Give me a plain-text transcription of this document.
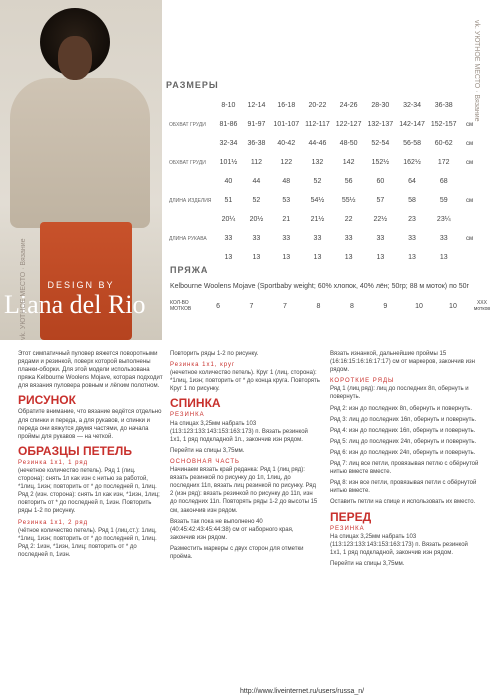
DESIGN BY
Liana del Rio
vk. УЮТНОЕ МЕСТО · Вязание
vk. УЮТНОЕ МЕСТО · Вязание
РАЗМЕРЫ
	8-10	12-14	16-18	20-22	24-26	28-30	32-34	36-38	
ОБХВАТ ГРУДИ	81-86	91-97	101-107	112-117	122-127	132-137	142-147	152-157	см
	32-34	36-38	40-42	44-46	48-50	52-54	56-58	60-62	см
ОБХВАТ ГРУДИ	101½	112	122	132	142	152½	162½	172	см
	40	44	48	52	56	60	64	68	
ДЛИНА ИЗДЕЛИЯ	51	52	53	54½	55½	57	58	59	см
	20¼	20½	21	21½	22	22½	23	23¼	
ДЛИНА РУКАВА	33	33	33	33	33	33	33	33	см
	13	13	13	13	13	13	13	13	
ПРЯЖА
Kelbourne Woolens Mojave (Sportbaby weight; 60% хлопок, 40% лён; 50гр; 88 м моток) по 50г
КОЛ-ВО МОТКОВ	6	7	7	8	8	9	10	10	XXX мотков

Этот симпатичный пуловер вяжется поворотными рядами и резинкой, поверх которой выполнены планки-оборки. Для этой модели использована пряжа Kelbourne Woolens Mojave, которая подходит для вязания пуловера ровным и лёгким полотном.

РИСУНОК

Обратите внимание, что вязание ведётся отдельно для спинки и переда, а для рукавов, и спинки и переда они вяжутся двумя частями, до начала проймы для рукавов — на четкой.

ОБРАЗЦЫ ПЕТЕЛЬ
Резинка 1х1, 1 ряд

(нечетное количество петель). Ряд 1 (лиц. сторона): снять 1п как изн с нитью за работой, *1лиц, 1изн; повторить от * до последней п, 1лиц. Ряд 2 (изн. сторона): снять 1п как изн, *1изн, 1лиц; повторить от * до последней п, 1изн. Повторить ряды 1-2 по рисунку.

Резинка 1х1, 2 ряд

(чётное количество петель). Ряд 1 (лиц.ст.): 1лиц, *1лиц, 1изн; повторить от * до последней п, 1лиц. Ряд 2: 1изн, *1изн, 1лиц; повторить от * до последней п, 1изн.

Повторить ряды 1-2 по рисунку.

Резинка 1х1, круг

(нечетное количество петель). Круг 1 (лиц. сторона): *1лиц, 1изн; повторить от * до конца круга. Повторять Круг 1 по рисунку.

СПИНКА
РЕЗИНКА

На спицах 3,25мм набрать 103 (113:123:133:143:153:163:173) п. Вязать резинкой 1х1, 1 ряд подкладной 1п., закончив изн рядом.

Перейти на спицы 3,75мм.

ОСНОВНАЯ ЧАСТЬ

Начинаем вязать край реданка: Ряд 1 (лиц ряд): вязать резинкой по рисунку до 1п, 1лиц, до последних 11п, вязать лиц резинкой по рисунку. Ряд 2 (изн ряд): вязать резинкой по рисунку до 11п, изн до последних 11п. Повторять ряды 1-2 до высоты 15 см, закончив изн рядом.

Вязать так пока не выполнено 40 (40:45:42:43:45:44:38) см от наборного края, закончив изн рядом.

Разместить маркеры с двух сторон для отметки проёма.

Вязать изнанкой, дальнейшие проймы 15 (16:16:15:16:16:17:17) см от маркеров, закончив изн рядом.

КОРОТКИЕ РЯДЫ

Ряд 1 (лиц ряд): лиц до последних 8п, обернуть и повернуть.

Ряд 2: изн до последних 8п, обернуть и повернуть.

Ряд 3: лиц до последних 16п, обернуть и повернуть.

Ряд 4: изн до последних 16п, обернуть и повернуть.

Ряд 5: лиц до последних 24п, обернуть и повернуть.

Ряд 6: изн до последних 24п, обернуть и повернуть.

Ряд 7: лиц все петли, провязывая петлю с обёрнутой нитью вместе вместе.

Ряд 8: изн все петли, провязывая петли с обёрнутой нитью вместе.

Оставить петли на спице и использовать их вместо.

ПЕРЕД
РЕЗИНКА

На спицах 3,25мм набрать 103 (113:123:133:143:153:163:173) п. Вязать резинкой 1х1, 1 ряд подкладной, закончив изн рядом.

Перейти на спицы 3,75мм.

http://www.liveinternet.ru/users/russa_n/
